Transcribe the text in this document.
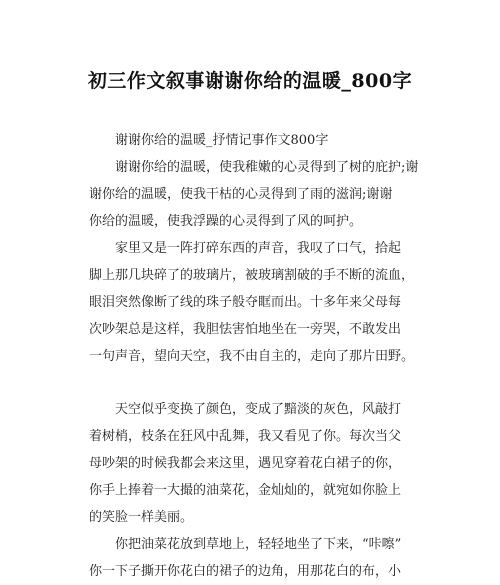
初三作文叙事谢谢你给的温暖_800字
谢谢你给的温暖_抒情记事作文800字
谢谢你给的温暖，使我稚嫩的心灵得到了树的庇护;谢
谢你给的温暖，使我干枯的心灵得到了雨的滋润;谢谢
你给的温暖，使我浮躁的心灵得到了风的呵护。
家里又是一阵打碎东西的声音，我叹了口气，拾起
脚上那几块碎了的玻璃片，被玻璃割破的手不断的流血，
眼泪突然像断了线的珠子般夺眶而出。十多年来父母每
次吵架总是这样，我胆怯害怕地坐在一旁哭，不敢发出
一句声音，望向天空，我不由自主的，走向了那片田野。
天空似乎变换了颜色，变成了黯淡的灰色，风敲打
着树梢，枝条在狂风中乱舞，我又看见了你。每次当父
母吵架的时候我都会来这里，遇见穿着花白裙子的你，
你手上捧着一大撮的油菜花，金灿灿的，就宛如你脸上
的笑脸一样美丽。
你把油菜花放到草地上，轻轻地坐了下来，“咔嚓”
你一下子撕开你花白的裙子的边角，用那花白的布，小
